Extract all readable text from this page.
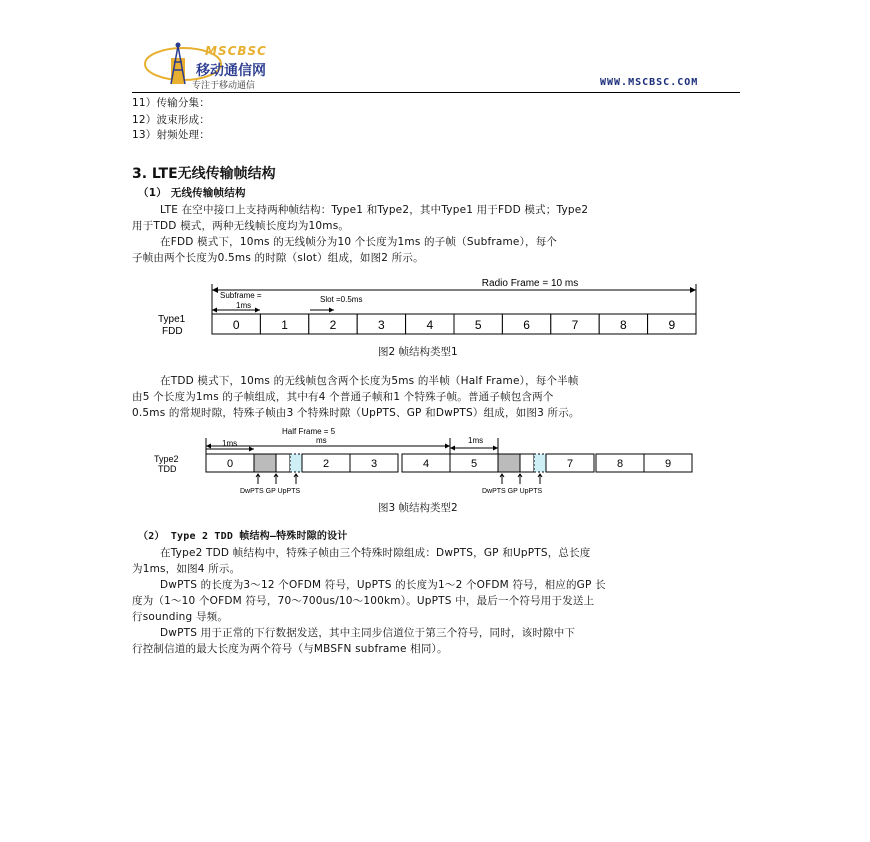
MSCBSC
移动通信网
专注于移动通信	WWW.MSCBSC.COM
11）传输分集：
12）波束形成：
13）射频处理：
3. LTE无线传输帧结构
（1） 无线传输帧结构
LTE 在空中接口上支持两种帧结构：Type1 和Type2，其中Type1 用于FDD 模式；Type2
用于TDD 模式，两种无线帧长度均为10ms。
在FDD 模式下，10ms 的无线帧分为10 个长度为1ms 的子帧（Subframe），每个
子帧由两个长度为0.5ms 的时隙（slot）组成，如图2 所示。
Radio Frame = 10 ms
Subframe =
1ms
Slot =0.5ms
Type1
FDD	0	1	2	3	4	5	6	7	8	9
图2 帧结构类型1
在TDD 模式下，10ms 的无线帧包含两个长度为5ms 的半帧（Half Frame），每个半帧
由5 个长度为1ms 的子帧组成，其中有4 个普通子帧和1 个特殊子帧。普通子帧包含两个
0.5ms 的常规时隙，特殊子帧由3 个特殊时隙（UpPTS、GP 和DwPTS）组成，如图3 所示。
Half Frame = 5
ms
1ms	1ms
Type2
TDD	0	2	3	4	5	7	8	9
DwPTS GP UpPTS	DwPTS GP UpPTS
图3 帧结构类型2
（2） Type 2 TDD 帧结构—特殊时隙的设计
在Type2 TDD 帧结构中，特殊子帧由三个特殊时隙组成：DwPTS，GP 和UpPTS，总长度
为1ms，如图4 所示。
DwPTS 的长度为3～12 个OFDM 符号，UpPTS 的长度为1～2 个OFDM 符号，相应的GP 长
度为（1～10 个OFDM 符号，70～700us/10～100km）。UpPTS 中，最后一个符号用于发送上
行sounding 导频。
DwPTS 用于正常的下行数据发送，其中主同步信道位于第三个符号，同时，该时隙中下
行控制信道的最大长度为两个符号（与MBSFN subframe 相同）。
